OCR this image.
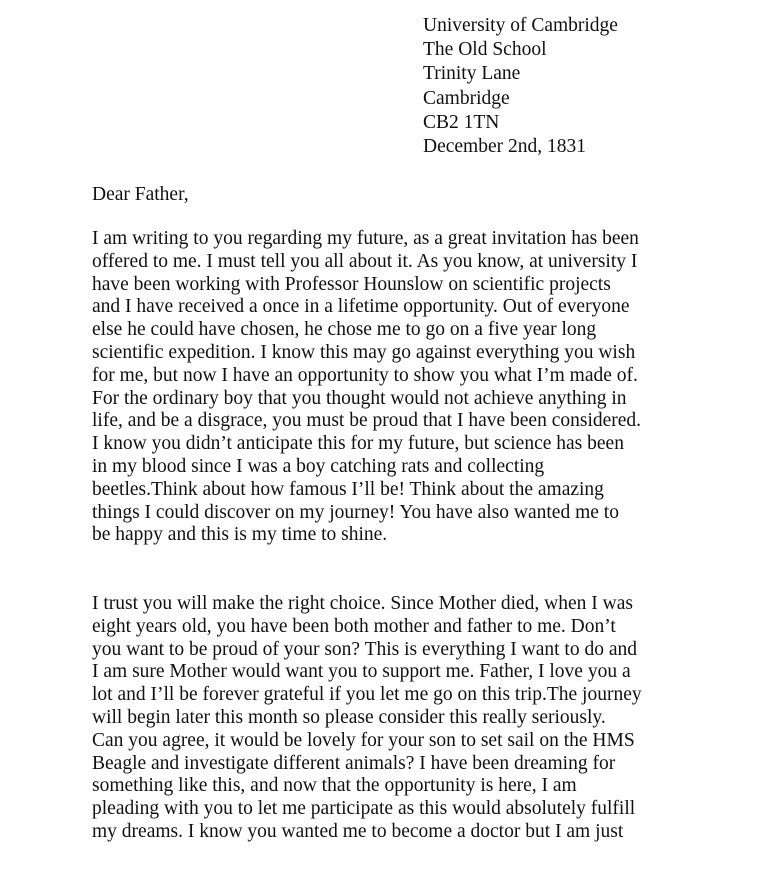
University of Cambridge
The Old School
Trinity Lane
Cambridge
CB2 1TN
December 2nd, 1831

Dear Father,

I am writing to you regarding my future, as a great invitation has been
offered to me. I must tell you all about it. As you know, at university I
have been working with Professor Hounslow on scientific projects
and I have received a once in a lifetime opportunity. Out of everyone
else he could have chosen, he chose me to go on a five year long
scientific expedition. I know this may go against everything you wish
for me, but now I have an opportunity to show you what I’m made of.
For the ordinary boy that you thought would not achieve anything in
life, and be a disgrace, you must be proud that I have been considered.
I know you didn’t anticipate this for my future, but science has been
in my blood since I was a boy catching rats and collecting
beetles.Think about how famous I’ll be! Think about the amazing
things I could discover on my journey! You have also wanted me to
be happy and this is my time to shine.
I trust you will make the right choice. Since Mother died, when I was
eight years old, you have been both mother and father to me. Don’t
you want to be proud of your son? This is everything I want to do and
I am sure Mother would want you to support me. Father, I love you a
lot and I’ll be forever grateful if you let me go on this trip.The journey
will begin later this month so please consider this really seriously.
Can you agree, it would be lovely for your son to set sail on the HMS
Beagle and investigate different animals? I have been dreaming for
something like this, and now that the opportunity is here, I am
pleading with you to let me participate as this would absolutely fulfill
my dreams. I know you wanted me to become a doctor but I am just
